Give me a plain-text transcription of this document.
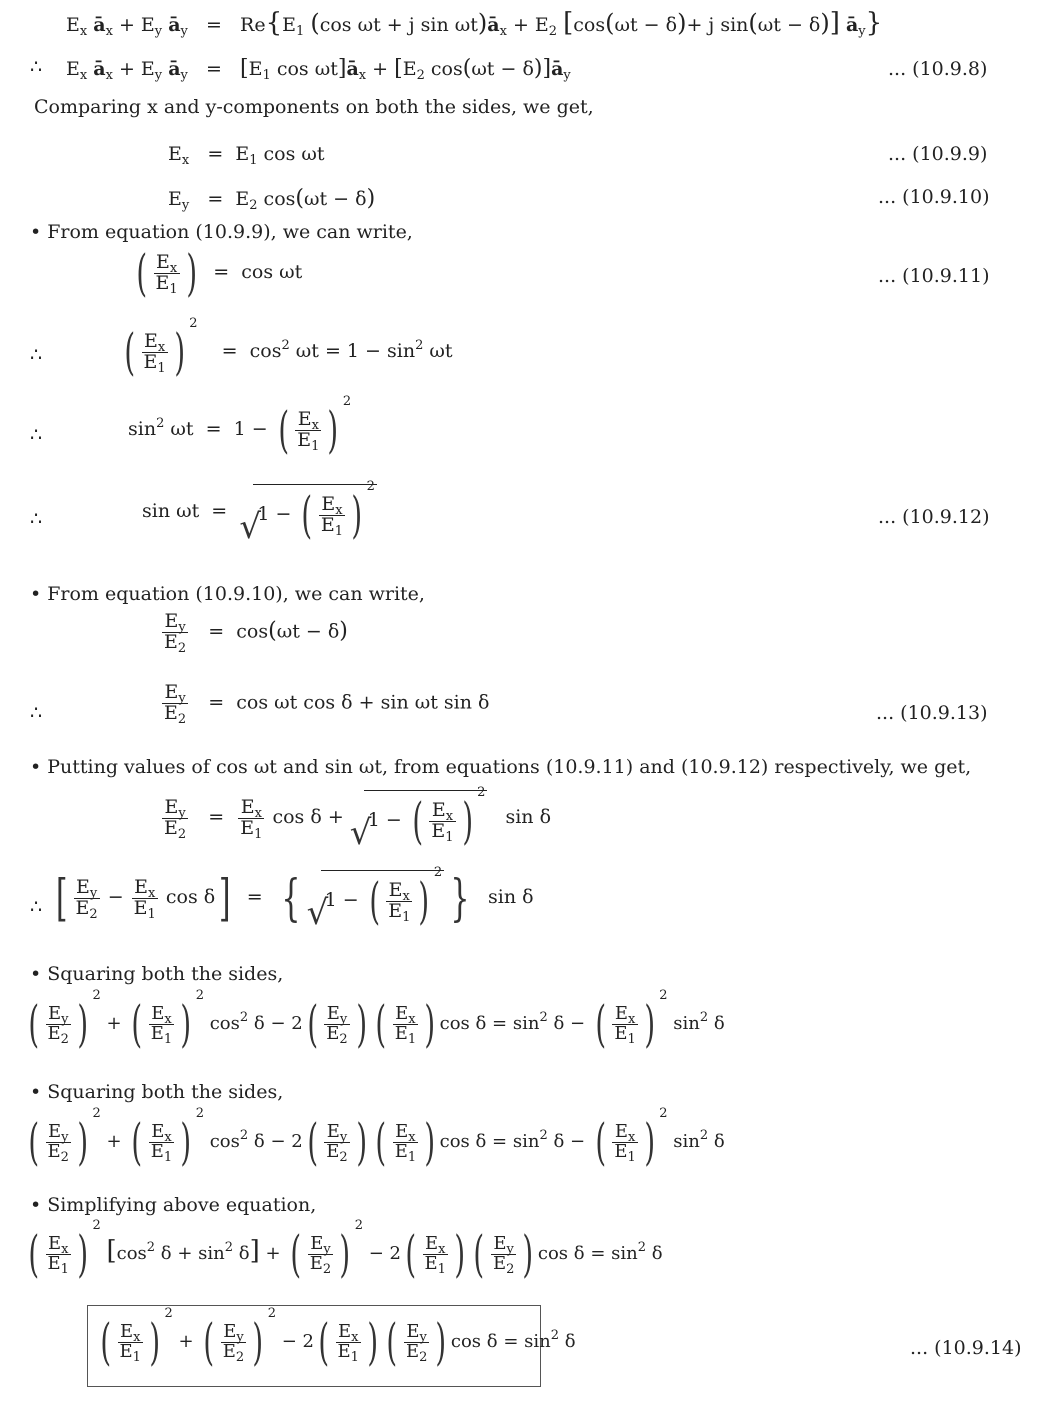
$E_x$ $ā_x + E_y$ $ā_y = Re\{E_1$ (cos ωt + j $\sin \omega t)ā_x + E_2$ [cos(ωt − δ)+ j sin(ωt − δ)] $ā_y$}
∴ $E_x$ $ā_x + E_y$ $ā_y = [E_1$ $\cos \omega t]ā_x + [E_2$ $\cos(\omega t - \delta)]ā_y$	... (10.9.8)
Comparing x and y-components on both the sides, we get,
$E_x = E_1$ cos ωt	... (10.9.9)
$E_y = E_2$ cos(ωt − δ)	... (10.9.10)
• From equation (10.9.9), we can write,
( $\frac{E_x}{E_1}$ )  =  cos ωt	... (10.9.11)
∴ ( $\frac{E_x}{E_1}$ ) $^2$    =  $\cos^2 \omega t = 1 - \sin^2 \omega t$
∴	$\sin^2 \omega t = 1$ − ( $\frac{E_x}{E_1}$ ) $^2$
∴	sin ωt  =  √ 1 − ( $\frac{E_x}{E_1}$ ) $^2$
... (10.9.12)
• From equation (10.9.10), we can write,
$\frac{E_y}{E_2} = \cos(\omega t - \delta)$
∴	$\frac{E_y}{E_2} = \cos \omega t$ cos δ + sin ωt sin δ	... (10.9.13)
• Putting values of cos ωt and sin ωt, from equations (10.9.11) and (10.9.12) respectively, we get,
$\frac{E_y}{E_2} = \frac{E_x}{E_1}$ cos δ + √ 1 − ( $\frac{E_x}{E_1}$ ) $^2$   sin δ
∴ [ $\frac{E_y}{E_2} - \frac{E_x}{E_1}$ cos δ]  =  {√ 1 − ( $\frac{E_x}{E_1}$ ) $^2$ }  sin δ
• Squaring both the sides,
( $\frac{E_y}{E_2}$ ) $^2$ + ( $\frac{E_x}{E_1}$ ) $^2$ $\cos^2 \delta - 2( \frac{E_y}{E_2}$ ) ( $\frac{E_x}{E_1}$ ) $\cos \delta = \sin^2 \delta$ − ( $\frac{E_x}{E_1}$ ) $^2$ $\sin^2 \delta$
• Squaring both the sides,
( $\frac{E_y}{E_2}$ ) $^2$ + ( $\frac{E_x}{E_1}$ ) $^2$ $\cos^2 \delta - 2( \frac{E_y}{E_2}$ ) ( $\frac{E_x}{E_1}$ ) $\cos \delta = \sin^2 \delta$ − ( $\frac{E_x}{E_1}$ ) $^2$ $\sin^2 \delta$
• Simplifying above equation,
( $\frac{E_x}{E_1}$ ) $^2$ [$\cos^2$ $\delta + \sin^2 \delta$] + ( $\frac{E_y}{E_2}$ ) $^2 - 2( \frac{E_x}{E_1}$ ) ( $\frac{E_y}{E_2}$ ) $\cos \delta = \sin^2 \delta$
( $\frac{E_x}{E_1}$ ) $^2$ + ( $\frac{E_y}{E_2}$ ) $^2 - 2( \frac{E_x}{E_1}$ ) ( $\frac{E_y}{E_2}$ ) $\cos \delta = \sin^2 \delta$	... (10.9.14)
